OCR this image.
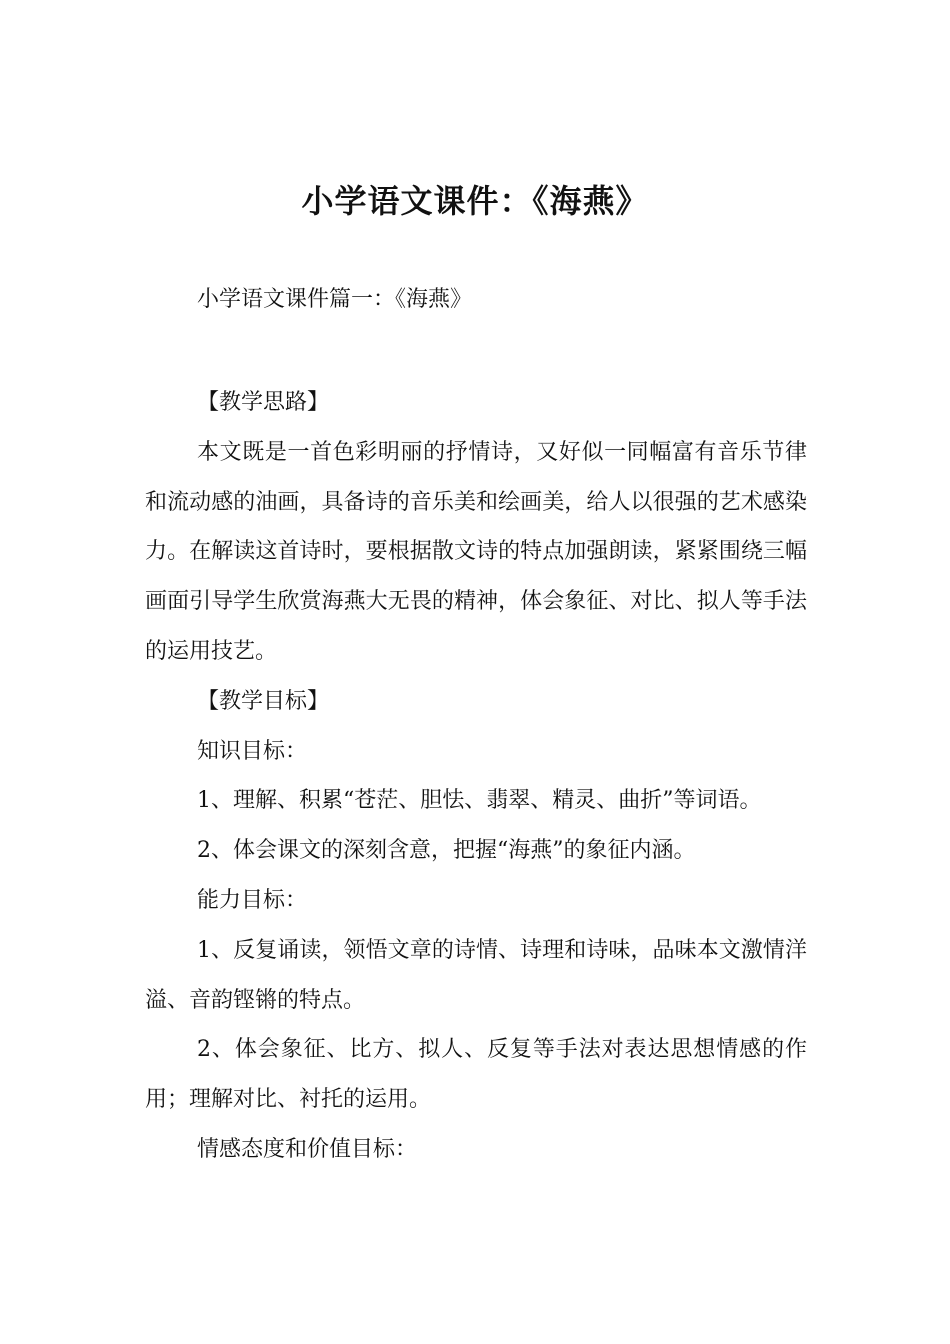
小学语文课件：《海燕》
小学语文课件篇一：《海燕》

【教学思路】

本文既是一首色彩明丽的抒情诗，又好似一同幅富有音乐节律和流动感的油画，具备诗的音乐美和绘画美，给人以很强的艺术感染力。在解读这首诗时，要根据散文诗的特点加强朗读，紧紧围绕三幅画面引导学生欣赏海燕大无畏的精神，体会象征、对比、拟人等手法的运用技艺。

【教学目标】

知识目标：

1、理解、积累“苍茫、胆怯、翡翠、精灵、曲折”等词语。

2、体会课文的深刻含意，把握“海燕”的象征内涵。

能力目标：

1、反复诵读，领悟文章的诗情、诗理和诗味，品味本文激情洋溢、音韵铿锵的特点。

2、体会象征、比方、拟人、反复等手法对表达思想情感的作用；理解对比、衬托的运用。

情感态度和价值目标：
